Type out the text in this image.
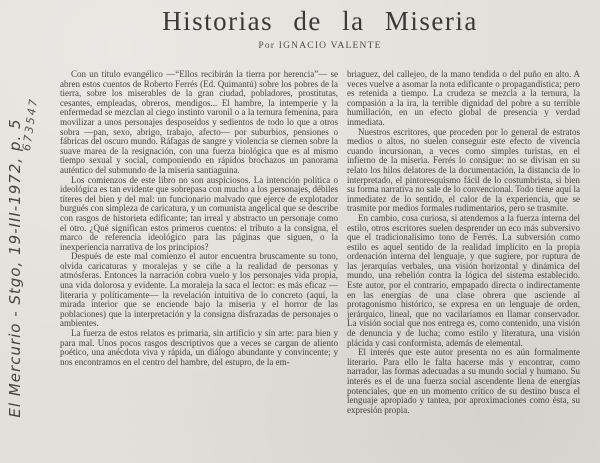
Historias de la Miseria
Por IGNACIO VALENTE

Con un título evangélico —“Ellos recibirán la tierra por herencia”— se abren estos cuentos de Roberto Ferrés (Ed. Quimantú) sobre los pobres de la tierra, sobre los miserables de la gran ciudad, pobladores, prostitutas, cesantes, empleadas, obreros, mendigos... El hambre, la intemperie y la enfermedad se mezclan al ciego instinto varonil o a la ternura femenina, para movilizar a unos personajes desposeídos y sedientos de todo lo que a otros sobra —pan, sexo, abrigo, trabajo, afecto— por suburbios, pensiones o fábricas del oscuro mundo. Ráfagas de sangre y violencia se ciernen sobre la suave marea de la resignación, con una fuerza biológica que es al mismo tiempo sexual y social, componiendo en rápidos brochazos un panorama auténtico del submundo de la miseria santiaguina.

Los comienzos de este libro no son auspiciosos. La intención política o ideológica es tan evidente que sobrepasa con mucho a los personajes, débiles títeres del bien y del mal: un funcionario malvado que ejerce de explotador burgués con simpleza de caricatura, y un comunista angelical que se describe con rasgos de historieta edificante; tan irreal y abstracto un personaje como el otro. ¿Qué significan estos primeros cuentos: el tributo a la consigna, el marco de referencia ideológico para las páginas que siguen, o la inexperiencia narrativa de los principios?

Después de este mal comienzo el autor encuentra bruscamente su tono, olvida caricaturas y moralejas y se ciñe a la realidad de personas y atmósferas. Entonces la narración cobra vuelo y los personajes vida propia, una vida dolorosa y evidente. La moraleja la saca el lector: es más eficaz —literaria y políticamente— la revelación intuitiva de lo concreto (aquí, la mirada interior que se enciende bajo la miseria y el horror de las poblaciones) que la interpretación y la consigna disfrazadas de personajes o ambientes.

La fuerza de estos relatos es primaria, sin artificio y sin arte: para bien y para mal. Unos pocos rasgos descriptivos que a veces se cargan de aliento poético, una anécdota viva y rápida, un diálogo abundante y convincente; y nos encontramos en el centro del hambre, del estupro, de la em-

briaguez, del callejeo, de la mano tendida o del puño en alto. A veces vuelve a asomar la nota edificante o propagandística; pero es retenida a tiempo. La crudeza se mezcla a la ternura, la compasión a la ira, la terrible dignidad del pobre a su terrible humillación, en un efecto global de presencia y verdad inmediata.

Nuestros escritores, que proceden por lo general de estratos medios o altos, no suelen conseguir este efecto de vivencia cuando incursionan, a veces como simples turistas, en el infierno de la miseria. Ferrés lo consigue: no se divisan en su relato los hilos delatores de la documentación, la distancia de lo interpretado, el pintoresquismo fácil de lo costumbrista, si bien su forma narrativa no sale de lo convencional. Todo tiene aquí la inmediatez de lo sentido, el calor de la experiencia, que se trasmite por medios formales rudimentarios, pero se trasmite.

En cambio, cosa curiosa, si atendemos a la fuerza interna del estilo, otros escritores suelen desprender un eco más subversivo que el tradicionalísimo tono de Ferrés. La subversión como estilo es aquel sentido de la realidad implícito en la propia ordenación interna del lenguaje, y que sugiere, por ruptura de las jerarquías verbales, una visión horizontal y dinámica del mundo, una rebelión contra la lógica del sistema establecido. Este autor, por el contrario, empapado directa o indirectamente en las energías de una clase obrera que asciende al protagonismo histórico, se expresa en un lenguaje de orden, jerárquico, lineal, que no vacilaríamos en llamar conservador. La visión social que nos entrega es, como contenido, una visión de denuncia y de lucha; como estilo y literatura, una visión plácida y casi conformista, además de elemental.

El interés que este autor presenta no es aún formalmente literario. Para ello le falta hacerse más y encontrar, como narrador, las formas adecuadas a su mundo social y humano. Su interés es el de una fuerza social ascendente llena de energías potenciales, que en un momento crítico de su destino busca el lenguaje apropiado y tantea, por aproximaciones como ésta, su expresión propia.

El Mercurio - Stgo, 19-III-1972, p. 5
673547
